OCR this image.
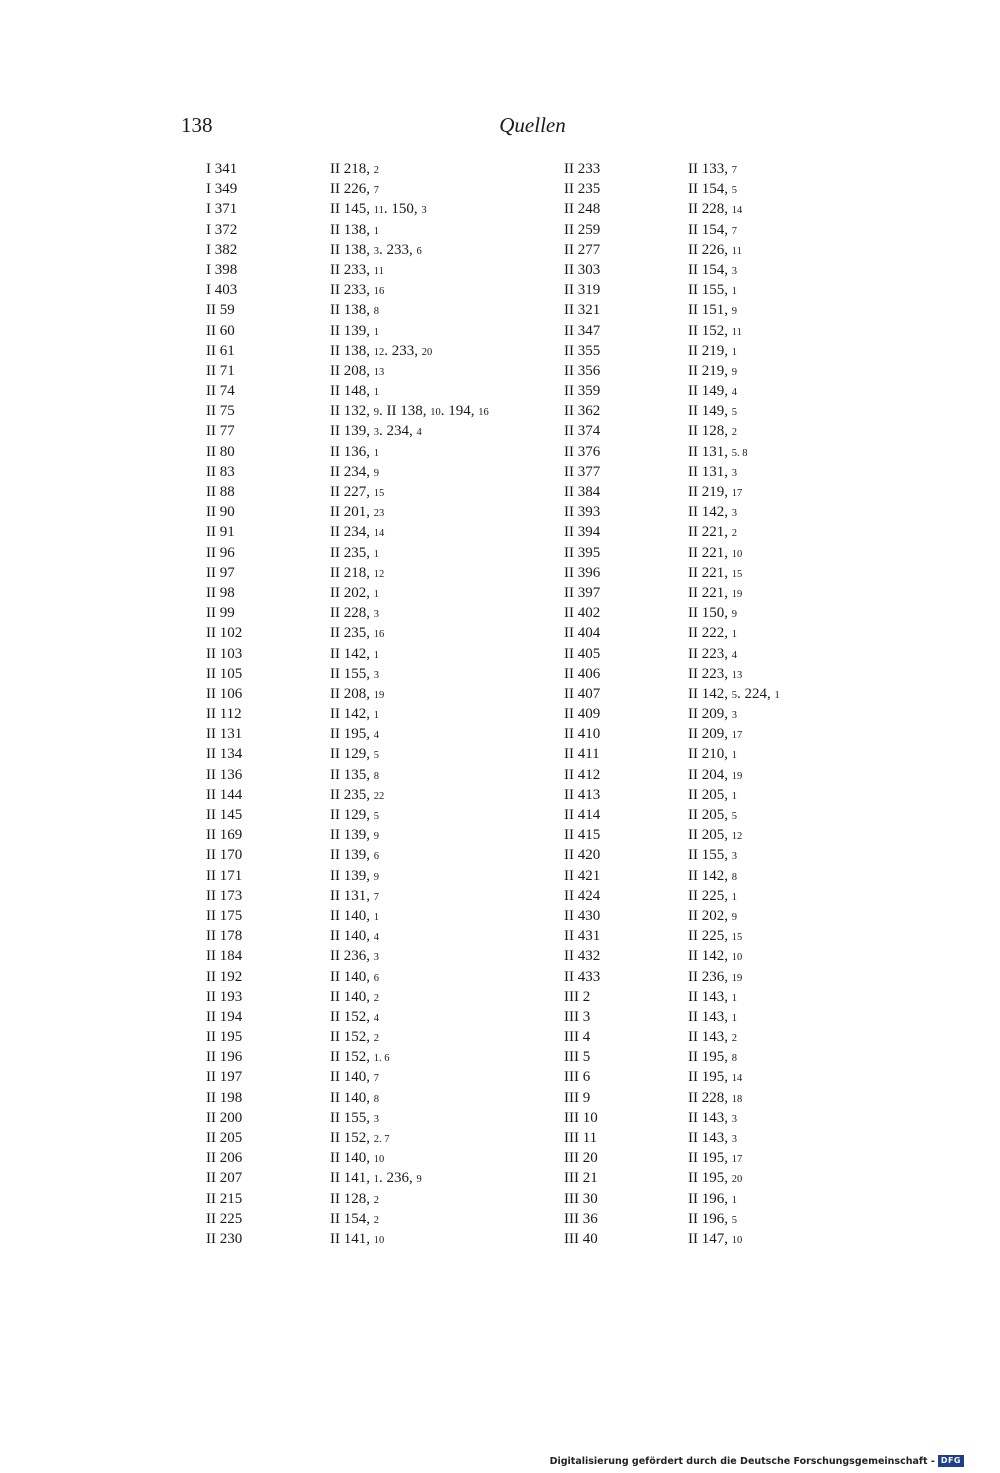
138	Quellen
I 341
I 349
I 371
I 372
I 382
I 398
I 403
II 59
II 60
II 61
II 71
II 74
II 75
II 77
II 80
II 83
II 88
II 90
II 91
II 96
II 97
II 98
II 99
II 102
II 103
II 105
II 106
II 112
II 131
II 134
II 136
II 144
II 145
II 169
II 170
II 171
II 173
II 175
II 178
II 184
II 192
II 193
II 194
II 195
II 196
II 197
II 198
II 200
II 205
II 206
II 207
II 215
II 225
II 230
II 218, 2
II 226, 7
II 145, 11. 150, 3
II 138, 1
II 138, 3. 233, 6
II 233, 11
II 233, 16
II 138, 8
II 139, 1
II 138, 12. 233, 20
II 208, 13
II 148, 1
II 132, 9. II 138, 10. 194, 16
II 139, 3. 234, 4
II 136, 1
II 234, 9
II 227, 15
II 201, 23
II 234, 14
II 235, 1
II 218, 12
II 202, 1
II 228, 3
II 235, 16
II 142, 1
II 155, 3
II 208, 19
II 142, 1
II 195, 4
II 129, 5
II 135, 8
II 235, 22
II 129, 5
II 139, 9
II 139, 6
II 139, 9
II 131, 7
II 140, 1
II 140, 4
II 236, 3
II 140, 6
II 140, 2
II 152, 4
II 152, 2
II 152, 1. 6
II 140, 7
II 140, 8
II 155, 3
II 152, 2. 7
II 140, 10
II 141, 1. 236, 9
II 128, 2
II 154, 2
II 141, 10
II 233
II 235
II 248
II 259
II 277
II 303
II 319
II 321
II 347
II 355
II 356
II 359
II 362
II 374
II 376
II 377
II 384
II 393
II 394
II 395
II 396
II 397
II 402
II 404
II 405
II 406
II 407
II 409
II 410
II 411
II 412
II 413
II 414
II 415
II 420
II 421
II 424
II 430
II 431
II 432
II 433
III 2
III 3
III 4
III 5
III 6
III 9
III 10
III 11
III 20
III 21
III 30
III 36
III 40
II 133, 7
II 154, 5
II 228, 14
II 154, 7
II 226, 11
II 154, 3
II 155, 1
II 151, 9
II 152, 11
II 219, 1
II 219, 9
II 149, 4
II 149, 5
II 128, 2
II 131, 5. 8
II 131, 3
II 219, 17
II 142, 3
II 221, 2
II 221, 10
II 221, 15
II 221, 19
II 150, 9
II 222, 1
II 223, 4
II 223, 13
II 142, 5. 224, 1
II 209, 3
II 209, 17
II 210, 1
II 204, 19
II 205, 1
II 205, 5
II 205, 12
II 155, 3
II 142, 8
II 225, 1
II 202, 9
II 225, 15
II 142, 10
II 236, 19
II 143, 1
II 143, 1
II 143, 2
II 195, 8
II 195, 14
II 228, 18
II 143, 3
II 143, 3
II 195, 17
II 195, 20
II 196, 1
II 196, 5
II 147, 10
Digitalisierung gefördert durch die Deutsche Forschungsgemeinschaft - DFG
